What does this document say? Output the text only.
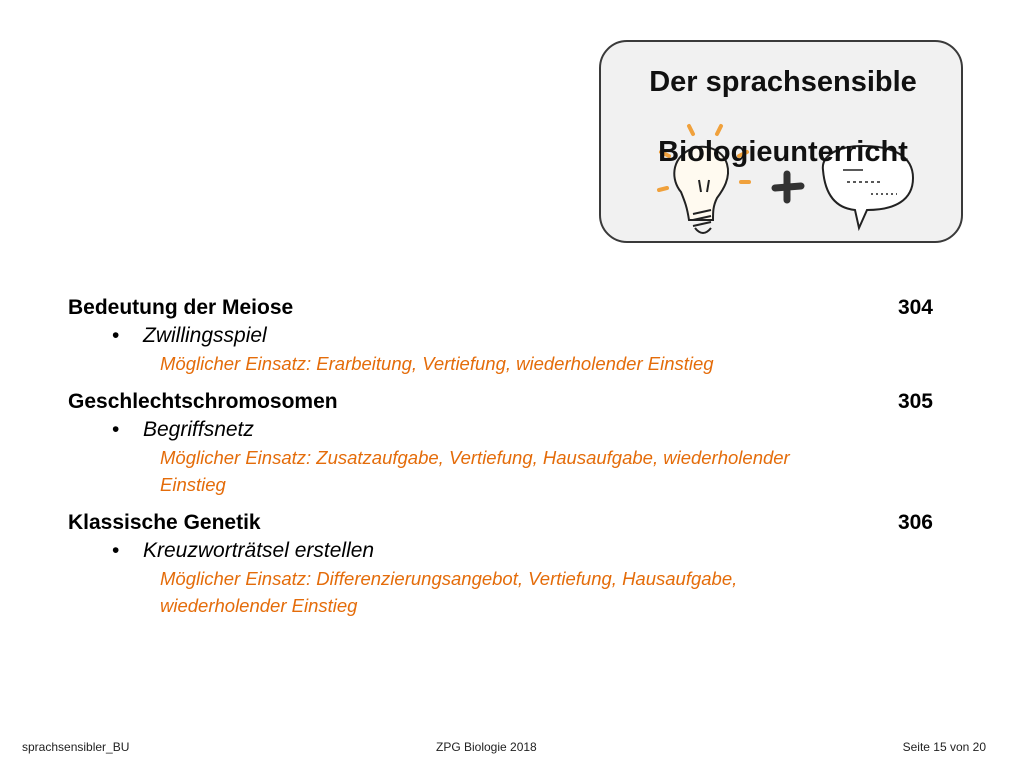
Der sprachsensible
Biologieunterricht
Bedeutung der Meiose	304
• Zwillingsspiel
Möglicher Einsatz: Erarbeitung, Vertiefung, wiederholender Einstieg
Geschlechtschromosomen	305
• Begriffsnetz
Möglicher Einsatz: Zusatzaufgabe, Vertiefung, Hausaufgabe, wiederholender Einstieg
Klassische Genetik	306
• Kreuzworträtsel erstellen
Möglicher Einsatz: Differenzierungsangebot, Vertiefung, Hausaufgabe, wiederholender Einstieg
sprachsensibler_BU	ZPG Biologie 2018	Seite 15 von 20
